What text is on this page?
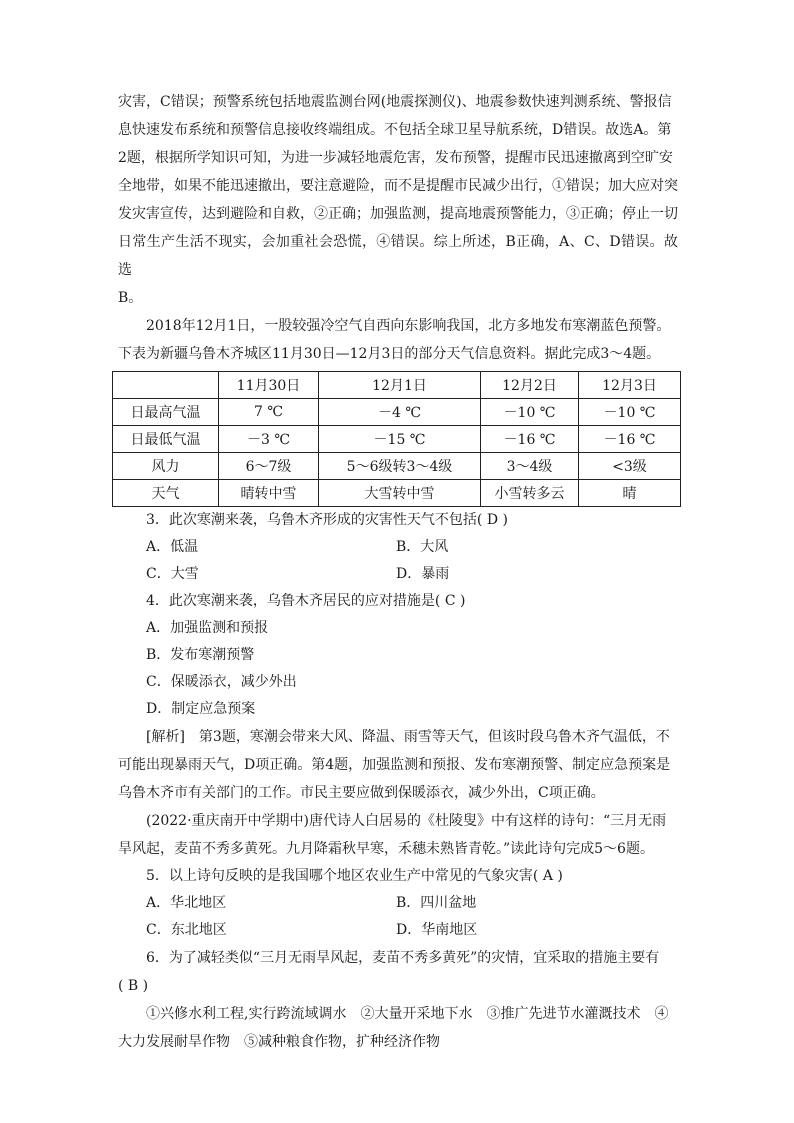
灾害，C错误；预警系统包括地震监测台网(地震探测仪)、地震参数快速判测系统、警报信

息快速发布系统和预警信息接收终端组成。不包括全球卫星导航系统，D错误。故选A。第

2题，根据所学知识可知，为进一步减轻地震危害，发布预警，提醒市民迅速撤离到空旷安

全地带，如果不能迅速撤出，要注意避险，而不是提醒市民减少出行，①错误；加大应对突

发灾害宣传，达到避险和自救，②正确；加强监测，提高地震预警能力，③正确；停止一切

日常生产生活不现实，会加重社会恐慌，④错误。综上所述，B正确，A、C、D错误。故选

B。

2018年12月1日，一股较强冷空气自西向东影响我国，北方多地发布寒潮蓝色预警。

下表为新疆乌鲁木齐城区11月30日—12月3日的部分天气信息资料。据此完成3～4题。

	11月30日	12月1日	12月2日	12月3日
日最高气温	7 ℃	－4 ℃	－10 ℃	－10 ℃
日最低气温	－3 ℃	－15 ℃	－16 ℃	－16 ℃
风力	6～7级	5～6级转3～4级	3～4级	<3级
天气	晴转中雪	大雪转中雪	小雪转多云	晴

3．此次寒潮来袭，乌鲁木齐形成的灾害性天气不包括( D )

A．低温	B．大风
C．大雪	D．暴雨

4．此次寒潮来袭，乌鲁木齐居民的应对措施是( C )

A．加强监测和预报

B．发布寒潮预警

C．保暖添衣，减少外出

D．制定应急预案

[解析]　第3题，寒潮会带来大风、降温、雨雪等天气，但该时段乌鲁木齐气温低，不

可能出现暴雨天气，D项正确。第4题，加强监测和预报、发布寒潮预警、制定应急预案是

乌鲁木齐市有关部门的工作。市民主要应做到保暖添衣，减少外出，C项正确。

(2022·重庆南开中学期中)唐代诗人白居易的《杜陵叟》中有这样的诗句：“三月无雨

旱风起，麦苗不秀多黄死。九月降霜秋早寒，禾穗未熟皆青乾。”读此诗句完成5～6题。

5．以上诗句反映的是我国哪个地区农业生产中常见的气象灾害( A )

A．华北地区	B．四川盆地
C．东北地区	D．华南地区

6．为了减轻类似“三月无雨旱风起，麦苗不秀多黄死”的灾情，宜采取的措施主要有

( B )

①兴修水利工程,实行跨流域调水　②大量开采地下水　③推广先进节水灌溉技术　④

大力发展耐旱作物　⑤减种粮食作物，扩种经济作物
